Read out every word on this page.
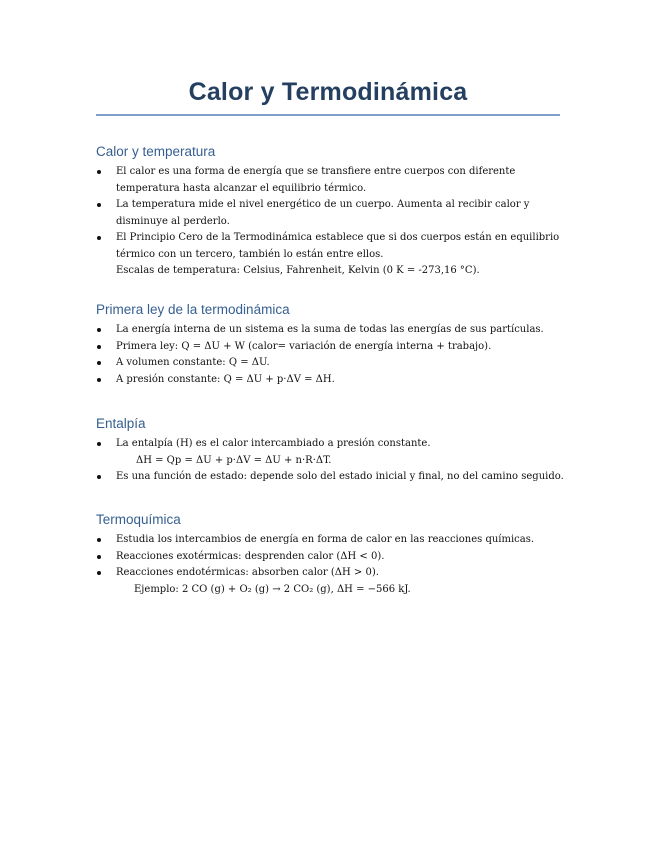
Calor y Termodinámica
Calor y temperatura
El calor es una forma de energía que se transfiere entre cuerpos con diferente
temperatura hasta alcanzar el equilibrio térmico.
La temperatura mide el nivel energético de un cuerpo. Aumenta al recibir calor y
disminuye al perderlo.
El Principio Cero de la Termodinámica establece que si dos cuerpos están en equilibrio
térmico con un tercero, también lo están entre ellos.
Escalas de temperatura: Celsius, Fahrenheit, Kelvin (0 K = -273,16 °C).
Primera ley de la termodinámica
La energía interna de un sistema es la suma de todas las energías de sus partículas.
Primera ley: Q = ΔU + W (calor= variación de energía interna + trabajo).
A volumen constante: Q = ΔU.
A presión constante: Q = ΔU + p·ΔV = ΔH.
Entalpía
La entalpía (H) es el calor intercambiado a presión constante.
ΔH = Qp = ΔU + p·ΔV = ΔU + n·R·ΔT.
Es una función de estado: depende solo del estado inicial y final, no del camino seguido.
Termoquímica
Estudia los intercambios de energía en forma de calor en las reacciones químicas.
Reacciones exotérmicas: desprenden calor (ΔH < 0).
Reacciones endotérmicas: absorben calor (ΔH > 0).
Ejemplo: 2 CO (g) + O₂ (g) → 2 CO₂ (g), ΔH = −566 kJ.
